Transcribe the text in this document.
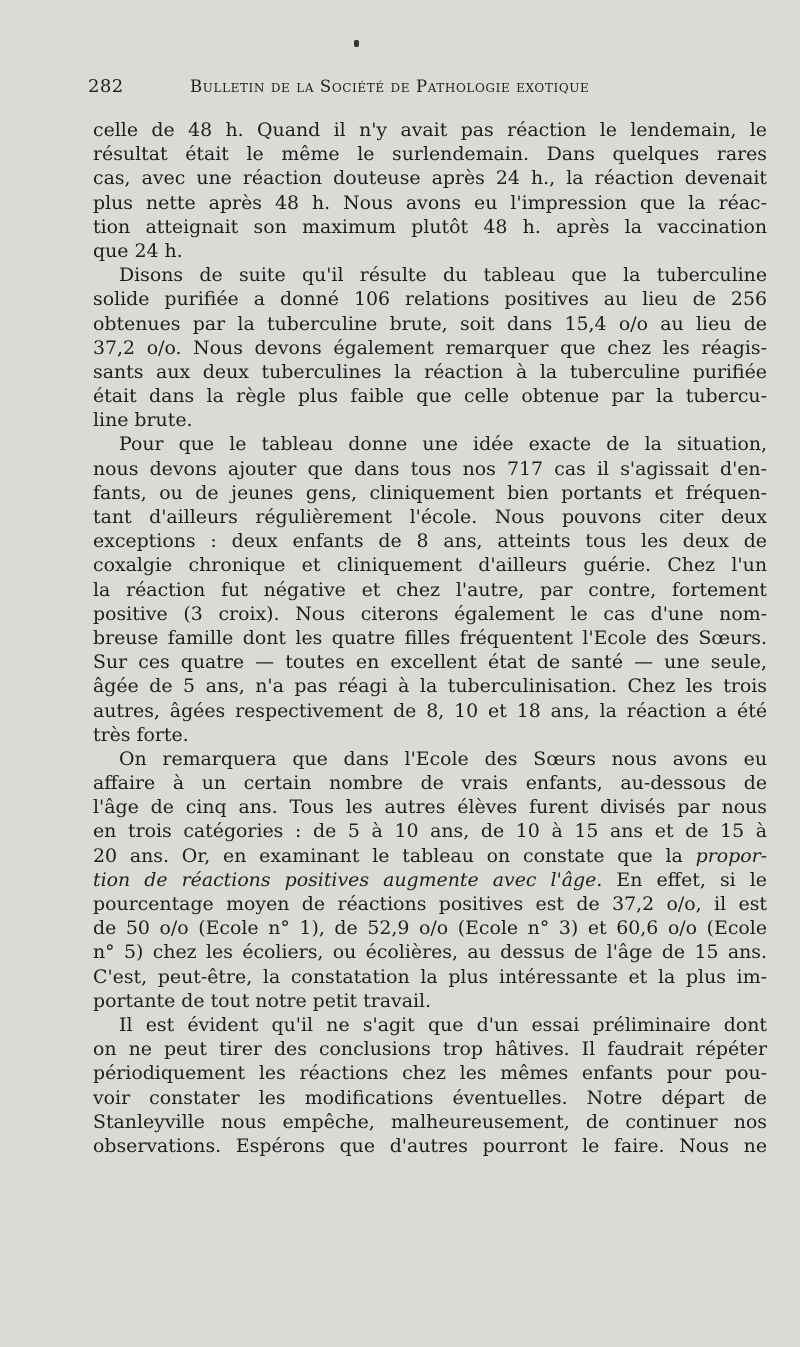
282	Bulletin de la Société de Pathologie exotique
celle de 48 h. Quand il n'y avait pas réaction le lendemain, le
résultat était le même le surlendemain. Dans quelques rares
cas, avec une réaction douteuse après 24 h., la réaction devenait
plus nette après 48 h. Nous avons eu l'impression que la réac-
tion atteignait son maximum plutôt 48 h. après la vaccination
que 24 h.
Disons de suite qu'il résulte du tableau que la tuberculine
solide purifiée a donné 106 relations positives au lieu de 256
obtenues par la tuberculine brute, soit dans 15,4 o/o au lieu de
37,2 o/o. Nous devons également remarquer que chez les réagis-
sants aux deux tuberculines la réaction à la tuberculine purifiée
était dans la règle plus faible que celle obtenue par la tubercu-
line brute.
Pour que le tableau donne une idée exacte de la situation,
nous devons ajouter que dans tous nos 717 cas il s'agissait d'en-
fants, ou de jeunes gens, cliniquement bien portants et fréquen-
tant d'ailleurs régulièrement l'école. Nous pouvons citer deux
exceptions : deux enfants de 8 ans, atteints tous les deux de
coxalgie chronique et cliniquement d'ailleurs guérie. Chez l'un
la réaction fut négative et chez l'autre, par contre, fortement
positive (3 croix). Nous citerons également le cas d'une nom-
breuse famille dont les quatre filles fréquentent l'Ecole des Sœurs.
Sur ces quatre — toutes en excellent état de santé — une seule,
âgée de 5 ans, n'a pas réagi à la tuberculinisation. Chez les trois
autres, âgées respectivement de 8, 10 et 18 ans, la réaction a été
très forte.
On remarquera que dans l'Ecole des Sœurs nous avons eu
affaire à un certain nombre de vrais enfants, au-dessous de
l'âge de cinq ans. Tous les autres élèves furent divisés par nous
en trois catégories : de 5 à 10 ans, de 10 à 15 ans et de 15 à
20 ans. Or, en examinant le tableau on constate que la propor-
tion de réactions positives augmente avec l'âge. En effet, si le
pourcentage moyen de réactions positives est de 37,2 o/o, il est
de 50 o/o (Ecole n° 1), de 52,9 o/o (Ecole n° 3) et 60,6 o/o (Ecole
n° 5) chez les écoliers, ou écolières, au dessus de l'âge de 15 ans.
C'est, peut-être, la constatation la plus intéressante et la plus im-
portante de tout notre petit travail.
Il est évident qu'il ne s'agit que d'un essai préliminaire dont
on ne peut tirer des conclusions trop hâtives. Il faudrait répéter
périodiquement les réactions chez les mêmes enfants pour pou-
voir constater les modifications éventuelles. Notre départ de
Stanleyville nous empêche, malheureusement, de continuer nos
observations. Espérons que d'autres pourront le faire. Nous ne
